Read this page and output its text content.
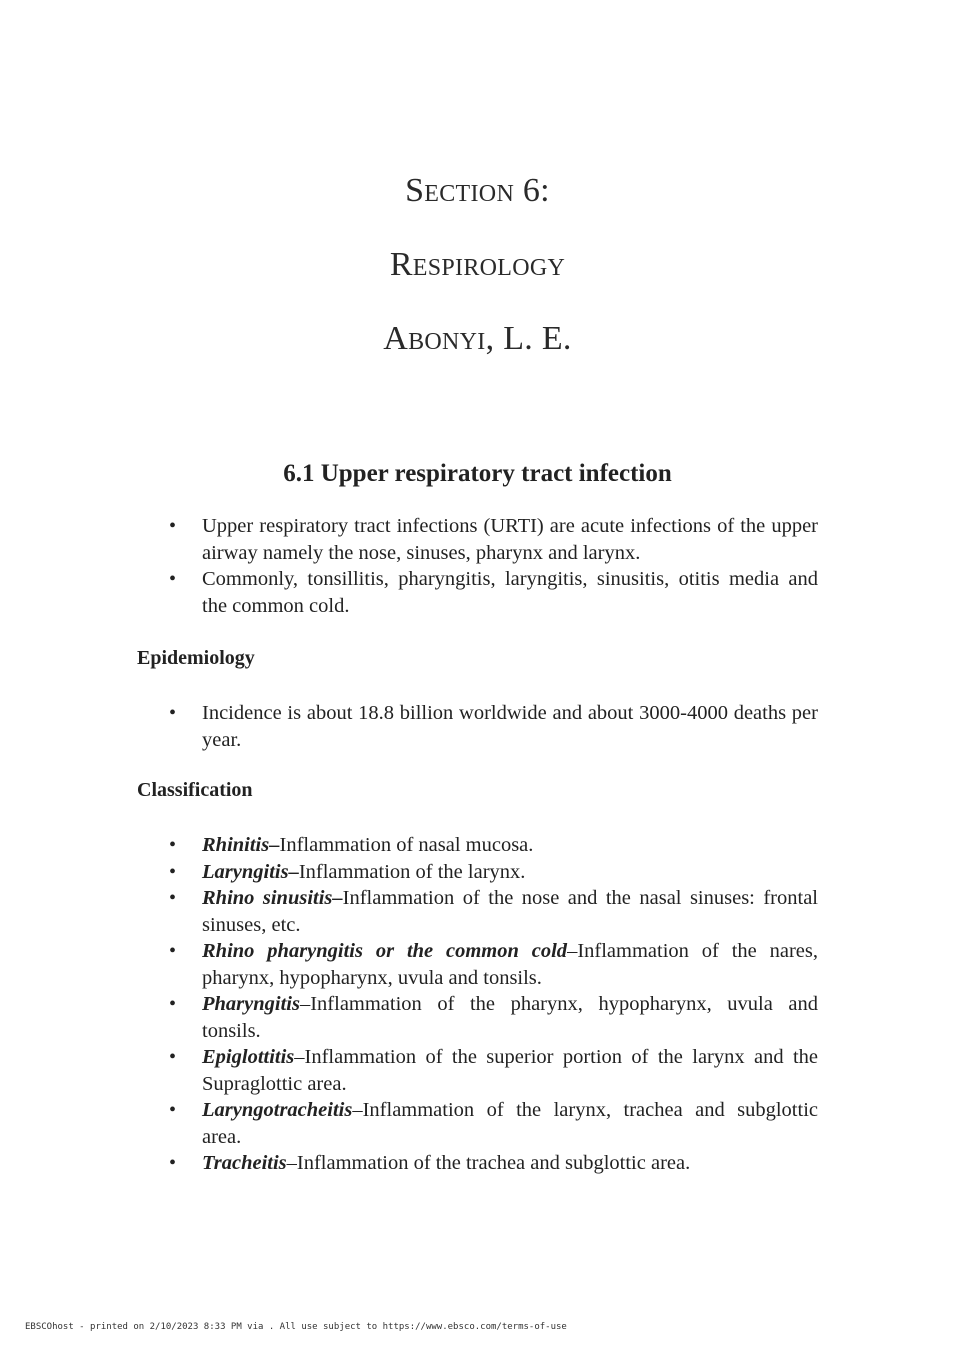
Section 6:
Respirology
Abonyi, L. E.
6.1 Upper respiratory tract infection
• Upper respiratory tract infections (URTI) are acute infections of the upper airway namely the nose, sinuses, pharynx and larynx.
• Commonly, tonsillitis, pharyngitis, laryngitis, sinusitis, otitis media and the common cold.
Epidemiology
• Incidence is about 18.8 billion worldwide and about 3000-4000 deaths per year.
Classification
• Rhinitis–Inflammation of nasal mucosa.
• Laryngitis–Inflammation of the larynx.
• Rhino sinusitis–Inflammation of the nose and the nasal sinuses: frontal sinuses, etc.
• Rhino pharyngitis or the common cold–Inflammation of the nares, pharynx, hypopharynx, uvula and tonsils.
• Pharyngitis–Inflammation of the pharynx, hypopharynx, uvula and tonsils.
• Epiglottitis–Inflammation of the superior portion of the larynx and the Supraglottic area.
• Laryngotracheitis–Inflammation of the larynx, trachea and subglottic area.
• Tracheitis–Inflammation of the trachea and subglottic area.
EBSCOhost - printed on 2/10/2023 8:33 PM via . All use subject to https://www.ebsco.com/terms-of-use
